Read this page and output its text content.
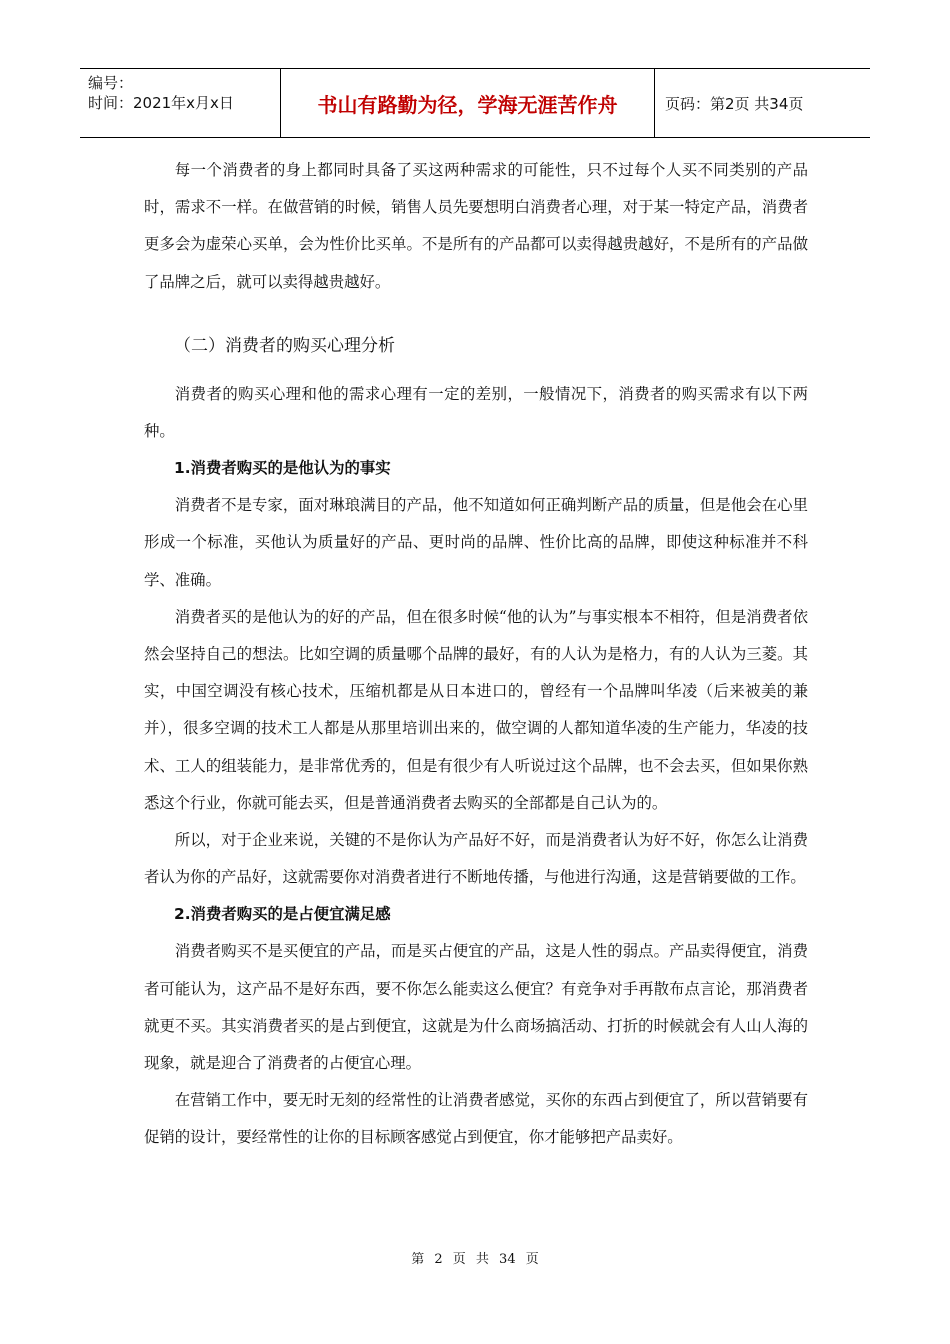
编号：
时间：2021年x月x日	书山有路勤为径，学海无涯苦作舟	页码：第2页 共34页

每一个消费者的身上都同时具备了买这两种需求的可能性，只不过每个人买不同类别的产品时，需求不一样。在做营销的时候，销售人员先要想明白消费者心理，对于某一特定产品，消费者更多会为虚荣心买单，会为性价比买单。不是所有的产品都可以卖得越贵越好，不是所有的产品做了品牌之后，就可以卖得越贵越好。

（二）消费者的购买心理分析

消费者的购买心理和他的需求心理有一定的差别，一般情况下，消费者的购买需求有以下两种。

1.消费者购买的是他认为的事实

消费者不是专家，面对琳琅满目的产品，他不知道如何正确判断产品的质量，但是他会在心里形成一个标准，买他认为质量好的产品、更时尚的品牌、性价比高的品牌，即使这种标准并不科学、准确。

消费者买的是他认为的好的产品，但在很多时候“他的认为”与事实根本不相符，但是消费者依然会坚持自己的想法。比如空调的质量哪个品牌的最好，有的人认为是格力，有的人认为三菱。其实，中国空调没有核心技术，压缩机都是从日本进口的，曾经有一个品牌叫华凌（后来被美的兼并），很多空调的技术工人都是从那里培训出来的，做空调的人都知道华凌的生产能力，华凌的技术、工人的组装能力，是非常优秀的，但是有很少有人听说过这个品牌，也不会去买，但如果你熟悉这个行业，你就可能去买，但是普通消费者去购买的全部都是自己认为的。

所以，对于企业来说，关键的不是你认为产品好不好，而是消费者认为好不好，你怎么让消费者认为你的产品好，这就需要你对消费者进行不断地传播，与他进行沟通，这是营销要做的工作。

2.消费者购买的是占便宜满足感

消费者购买不是买便宜的产品，而是买占便宜的产品，这是人性的弱点。产品卖得便宜，消费者可能认为，这产品不是好东西，要不你怎么能卖这么便宜？有竞争对手再散布点言论，那消费者就更不买。其实消费者买的是占到便宜，这就是为什么商场搞活动、打折的时候就会有人山人海的现象，就是迎合了消费者的占便宜心理。

在营销工作中，要无时无刻的经常性的让消费者感觉，买你的东西占到便宜了，所以营销要有促销的设计，要经常性的让你的目标顾客感觉占到便宜，你才能够把产品卖好。

第 2 页 共 34 页
